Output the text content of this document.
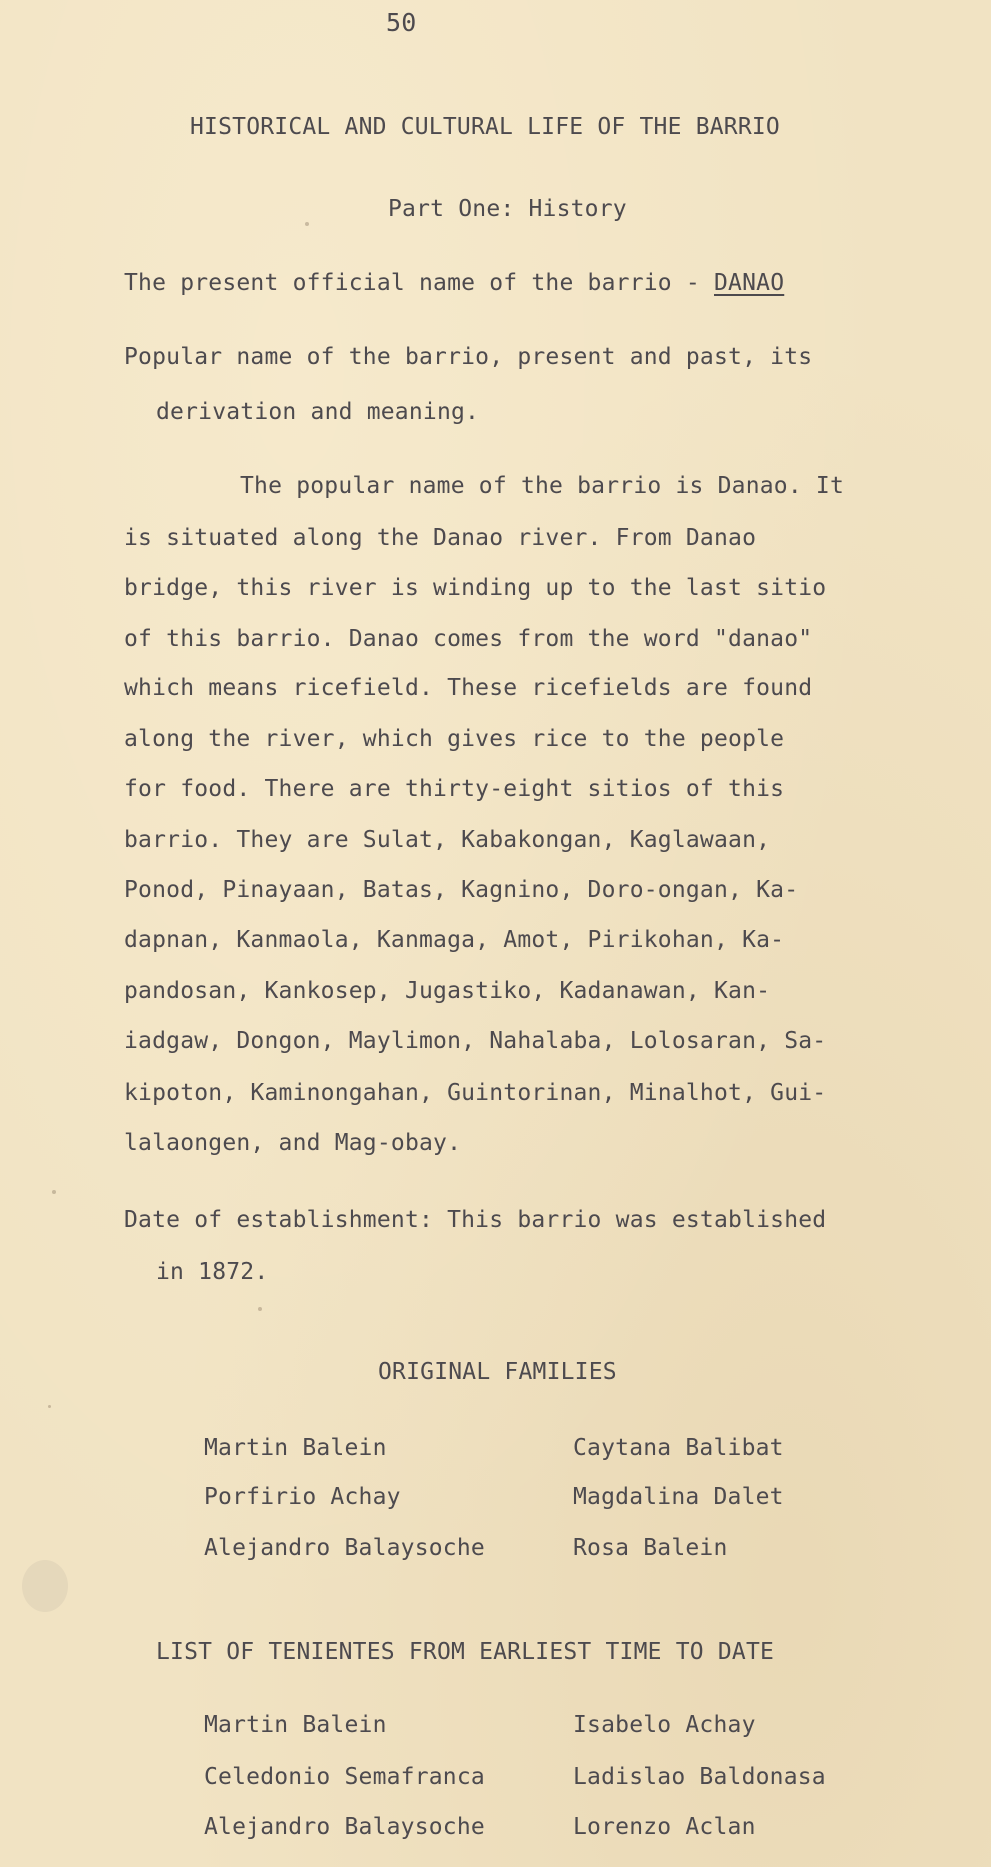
50
HISTORICAL AND CULTURAL LIFE OF THE BARRIO
Part One: History
The present official name of the barrio - DANAO
Popular name of the barrio, present and past, its
derivation and meaning.
The popular name of the barrio is Danao. It
is situated along the Danao river. From Danao
bridge, this river is winding up to the last sitio
of this barrio. Danao comes from the word "danao"
which means ricefield. These ricefields are found
along the river, which gives rice to the people
for food. There are thirty-eight sitios of this
barrio. They are Sulat, Kabakongan, Kaglawaan,
Ponod, Pinayaan, Batas, Kagnino, Doro-ongan, Ka-
dapnan, Kanmaola, Kanmaga, Amot, Pirikohan, Ka-
pandosan, Kankosep, Jugastiko, Kadanawan, Kan-
iadgaw, Dongon, Maylimon, Nahalaba, Lolosaran, Sa-
kipoton, Kaminongahan, Guintorinan, Minalhot, Gui-
lalaongen, and Mag-obay.
Date of establishment: This barrio was established
in 1872.
ORIGINAL FAMILIES
Martin Balein	Caytana Balibat
Porfirio Achay	Magdalina Dalet
Alejandro Balaysoche	Rosa Balein
LIST OF TENIENTES FROM EARLIEST TIME TO DATE
Martin Balein	Isabelo Achay
Celedonio Semafranca	Ladislao Baldonasa
Alejandro Balaysoche	Lorenzo Aclan
